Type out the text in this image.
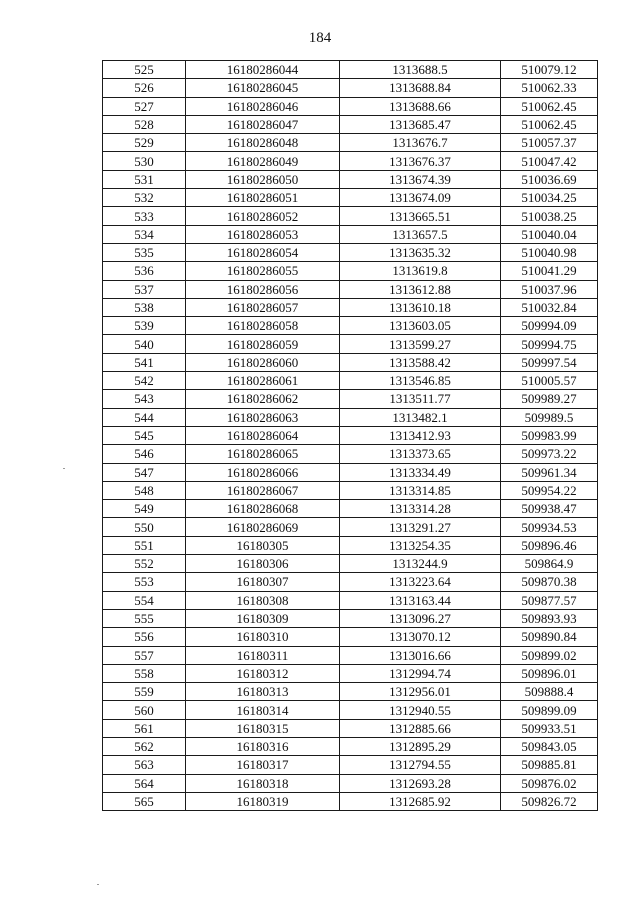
184
525	16180286044	1313688.5	510079.12
526	16180286045	1313688.84	510062.33
527	16180286046	1313688.66	510062.45
528	16180286047	1313685.47	510062.45
529	16180286048	1313676.7	510057.37
530	16180286049	1313676.37	510047.42
531	16180286050	1313674.39	510036.69
532	16180286051	1313674.09	510034.25
533	16180286052	1313665.51	510038.25
534	16180286053	1313657.5	510040.04
535	16180286054	1313635.32	510040.98
536	16180286055	1313619.8	510041.29
537	16180286056	1313612.88	510037.96
538	16180286057	1313610.18	510032.84
539	16180286058	1313603.05	509994.09
540	16180286059	1313599.27	509994.75
541	16180286060	1313588.42	509997.54
542	16180286061	1313546.85	510005.57
543	16180286062	1313511.77	509989.27
544	16180286063	1313482.1	509989.5
545	16180286064	1313412.93	509983.99
546	16180286065	1313373.65	509973.22
547	16180286066	1313334.49	509961.34
548	16180286067	1313314.85	509954.22
549	16180286068	1313314.28	509938.47
550	16180286069	1313291.27	509934.53
551	16180305	1313254.35	509896.46
552	16180306	1313244.9	509864.9
553	16180307	1313223.64	509870.38
554	16180308	1313163.44	509877.57
555	16180309	1313096.27	509893.93
556	16180310	1313070.12	509890.84
557	16180311	1313016.66	509899.02
558	16180312	1312994.74	509896.01
559	16180313	1312956.01	509888.4
560	16180314	1312940.55	509899.09
561	16180315	1312885.66	509933.51
562	16180316	1312895.29	509843.05
563	16180317	1312794.55	509885.81
564	16180318	1312693.28	509876.02
565	16180319	1312685.92	509826.72
